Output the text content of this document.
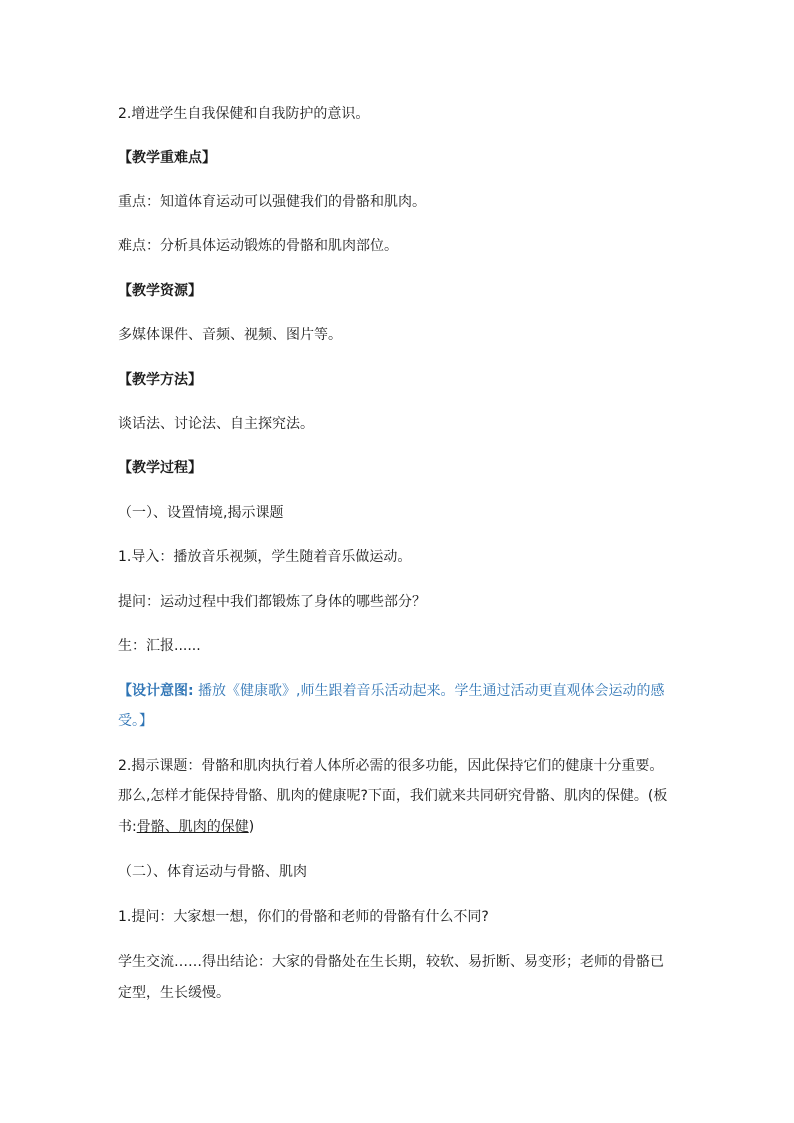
2.增进学生自我保健和自我防护的意识。
【教学重难点】
重点：知道体育运动可以强健我们的骨骼和肌肉。
难点：分析具体运动锻炼的骨骼和肌肉部位。
【教学资源】
多媒体课件、音频、视频、图片等。
【教学方法】
谈话法、讨论法、自主探究法。
【教学过程】
（一）、设置情境,揭示课题
1.导入：播放音乐视频，学生随着音乐做运动。
提问：运动过程中我们都锻炼了身体的哪些部分？
生：汇报......
【设计意图: 播放《健康歌》,师生跟着音乐活动起来。学生通过活动更直观体会运动的感
受。】
2.揭示课题：骨骼和肌肉执行着人体所必需的很多功能，因此保持它们的健康十分重要。
那么,怎样才能保持骨骼、肌肉的健康呢?下面，我们就来共同研究骨骼、肌肉的保健。(板
书:骨骼、肌肉的保健)
（二）、体育运动与骨骼、肌肉
1.提问：大家想一想，你们的骨骼和老师的骨骼有什么不同?
学生交流……得出结论：大家的骨骼处在生长期，较软、易折断、易变形；老师的骨骼已
定型，生长缓慢。
